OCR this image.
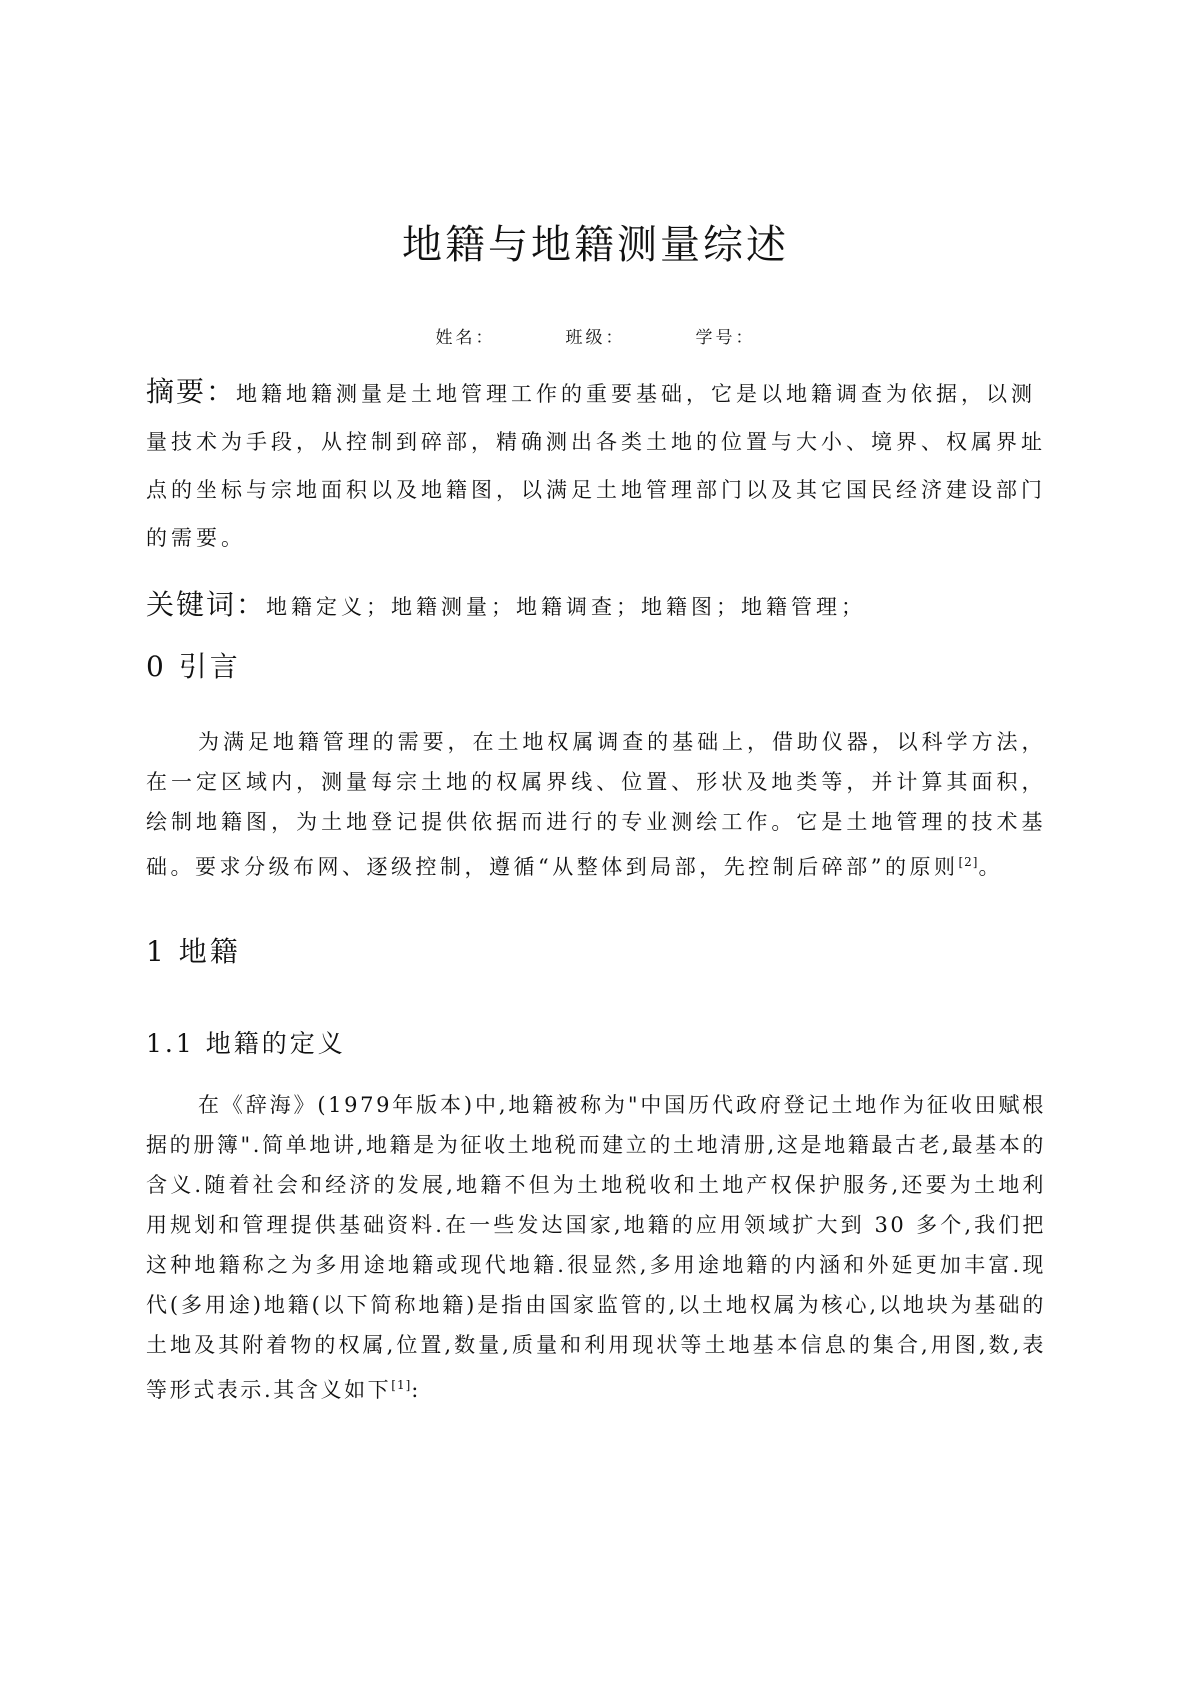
地籍与地籍测量综述
姓名：	班级：	学号：
摘要：地籍地籍测量是土地管理工作的重要基础，它是以地籍调查为依据，以测量技术为手段，从控制到碎部，精确测出各类土地的位置与大小、境界、权属界址点的坐标与宗地面积以及地籍图，以满足土地管理部门以及其它国民经济建设部门的需要。
关键词：地籍定义；地籍测量；地籍调查；地籍图；地籍管理；
0 引言
为满足地籍管理的需要，在土地权属调查的基础上，借助仪器，以科学方法，在一定区域内，测量每宗土地的权属界线、位置、形状及地类等，并计算其面积，绘制地籍图，为土地登记提供依据而进行的专业测绘工作。它是土地管理的技术基础。要求分级布网、逐级控制，遵循“从整体到局部，先控制后碎部”的原则[2]。
1 地籍
1.1 地籍的定义
在《辞海》(1979年版本)中,地籍被称为"中国历代政府登记土地作为征收田赋根据的册簿".简单地讲,地籍是为征收土地税而建立的土地清册,这是地籍最古老,最基本的含义.随着社会和经济的发展,地籍不但为土地税收和土地产权保护服务,还要为土地利用规划和管理提供基础资料.在一些发达国家,地籍的应用领域扩大到 30 多个,我们把这种地籍称之为多用途地籍或现代地籍.很显然,多用途地籍的内涵和外延更加丰富.现代(多用途)地籍(以下简称地籍)是指由国家监管的,以土地权属为核心,以地块为基础的土地及其附着物的权属,位置,数量,质量和利用现状等土地基本信息的集合,用图,数,表等形式表示.其含义如下[1]:
